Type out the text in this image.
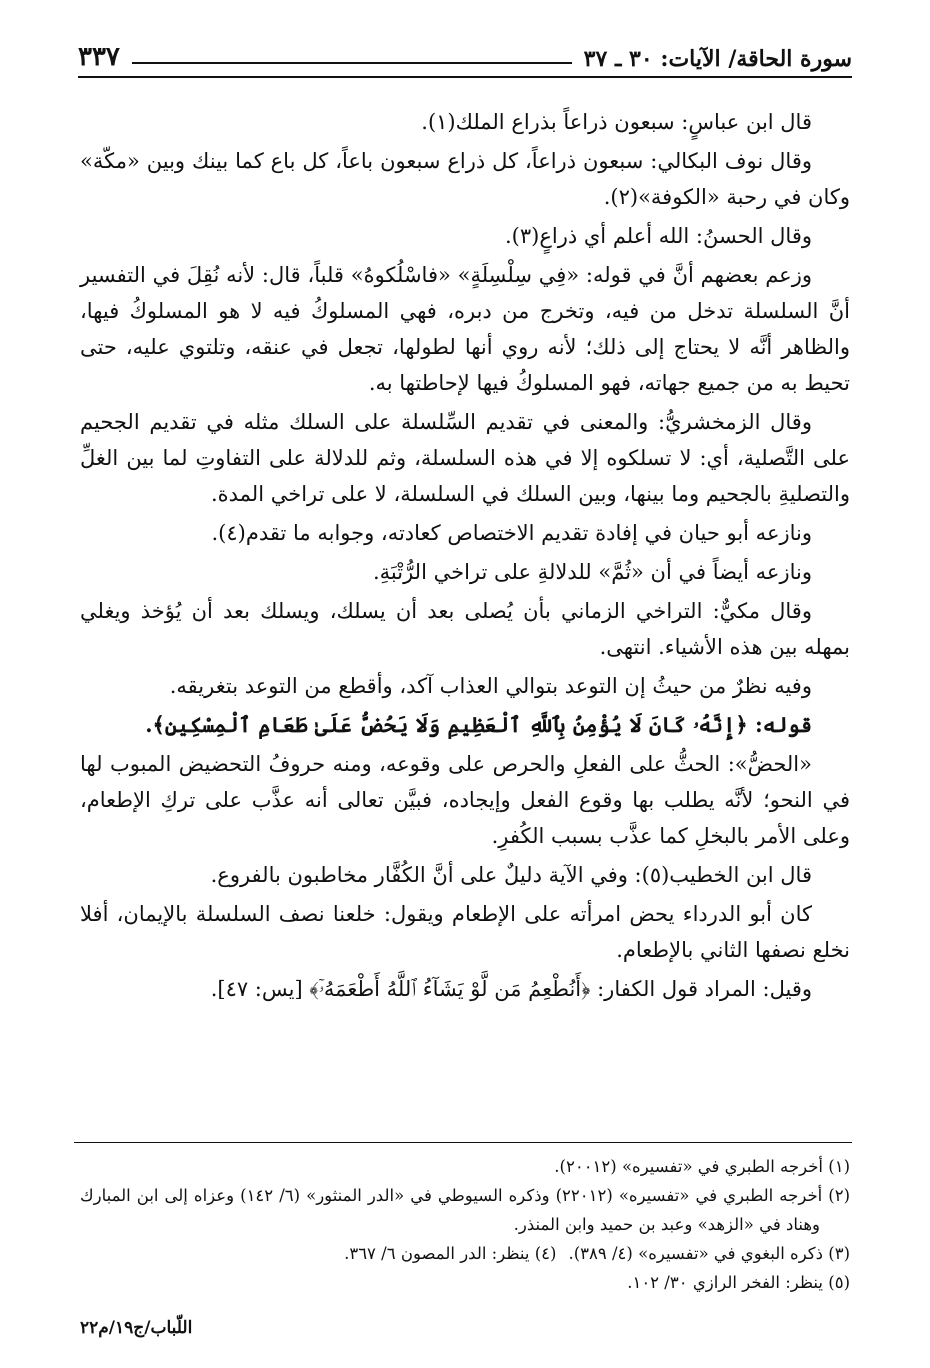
سورة الحاقة/ الآيات: ٣٠ ـ ٣٧
٣٣٧

قال ابن عباسٍ: سبعون ذراعاً بذراع الملك(١).

وقال نوف البكالي: سبعون ذراعاً، كل ذراع سبعون باعاً، كل باع كما بينك وبين «مكّة» وكان في رحبة «الكوفة»(٢).

وقال الحسنُ: الله أعلم أي ذراعٍ(٣).

وزعم بعضهم أنَّ في قوله: «فِي سِلْسِلَةٍ» «فاسْلُكوهُ» قلباً، قال: لأنه نُقِلَ في التفسير أنَّ السلسلة تدخل من فيه، وتخرج من دبره، فهي المسلوكُ فيه لا هو المسلوكُ فيها، والظاهر أنَّه لا يحتاج إلى ذلك؛ لأنه روي أنها لطولها، تجعل في عنقه، وتلتوي عليه، حتى تحيط به من جميع جهاته، فهو المسلوكُ فيها لإحاطتها به.

وقال الزمخشريُّ: والمعنى في تقديم السِّلسلة على السلك مثله في تقديم الجحيم على التَّصلية، أي: لا تسلكوه إلا في هذه السلسلة، وثم للدلالة على التفاوتِ لما بين الغلِّ والتصليةِ بالجحيم وما بينها، وبين السلك في السلسلة، لا على تراخي المدة.

ونازعه أبو حيان في إفادة تقديم الاختصاص كعادته، وجوابه ما تقدم(٤).

ونازعه أيضاً في أن «ثُمَّ» للدلالةِ على تراخي الرُّتْبَةِ.

وقال مكيٌّ: التراخي الزماني بأن يُصلى بعد أن يسلك، ويسلك بعد أن يُؤخذ ويغلي بمهله بين هذه الأشياء. انتهى.

وفيه نظرٌ من حيثُ إن التوعد بتوالي العذاب آكد، وأقطع من التوعد بتغريقه.

قوله: ﴿إِنَّهُۥ كَانَ لَا يُؤْمِنُ بِٱللَّهِ ٱلْعَظِيمِ وَلَا يَحُضُّ عَلَىٰ طَعَامِ ٱلْمِسْكِينِ﴾.

«الحضُّ»: الحثُّ على الفعلِ والحرص على وقوعه، ومنه حروفُ التحضيض المبوب لها في النحو؛ لأنَّه يطلب بها وقوع الفعل وإيجاده، فبيَّن تعالى أنه عذَّب على تركِ الإطعام، وعلى الأمر بالبخلِ كما عذَّب بسبب الكُفرِ.

قال ابن الخطيب(٥): وفي الآية دليلٌ على أنَّ الكُفَّار مخاطبون بالفروع.

كان أبو الدرداء يحض امرأته على الإطعام ويقول: خلعنا نصف السلسلة بالإيمان، أفلا نخلع نصفها الثاني بالإطعام.

وقيل: المراد قول الكفار: ﴿أَنُطْعِمُ مَن لَّوْ يَشَآءُ ٱللَّهُ أَطْعَمَهُۥٓ﴾ [يس: ٤٧].

(١) أخرجه الطبري في «تفسيره» (٢٠٠١٢).

(٢) أخرجه الطبري في «تفسيره» (٢٢٠١٢) وذكره السيوطي في «الدر المنثور» (٦/ ١٤٢) وعزاه إلى ابن المبارك وهناد في «الزهد» وعبد بن حميد وابن المنذر.

(٣) ذكره البغوي في «تفسيره» (٤/ ٣٨٩).
(٤) ينظر: الدر المصون ٦/ ٣٦٧.

(٥) ينظر: الفخر الرازي ٣٠/ ١٠٢.

اللّباب/ج١٩/م٢٢
